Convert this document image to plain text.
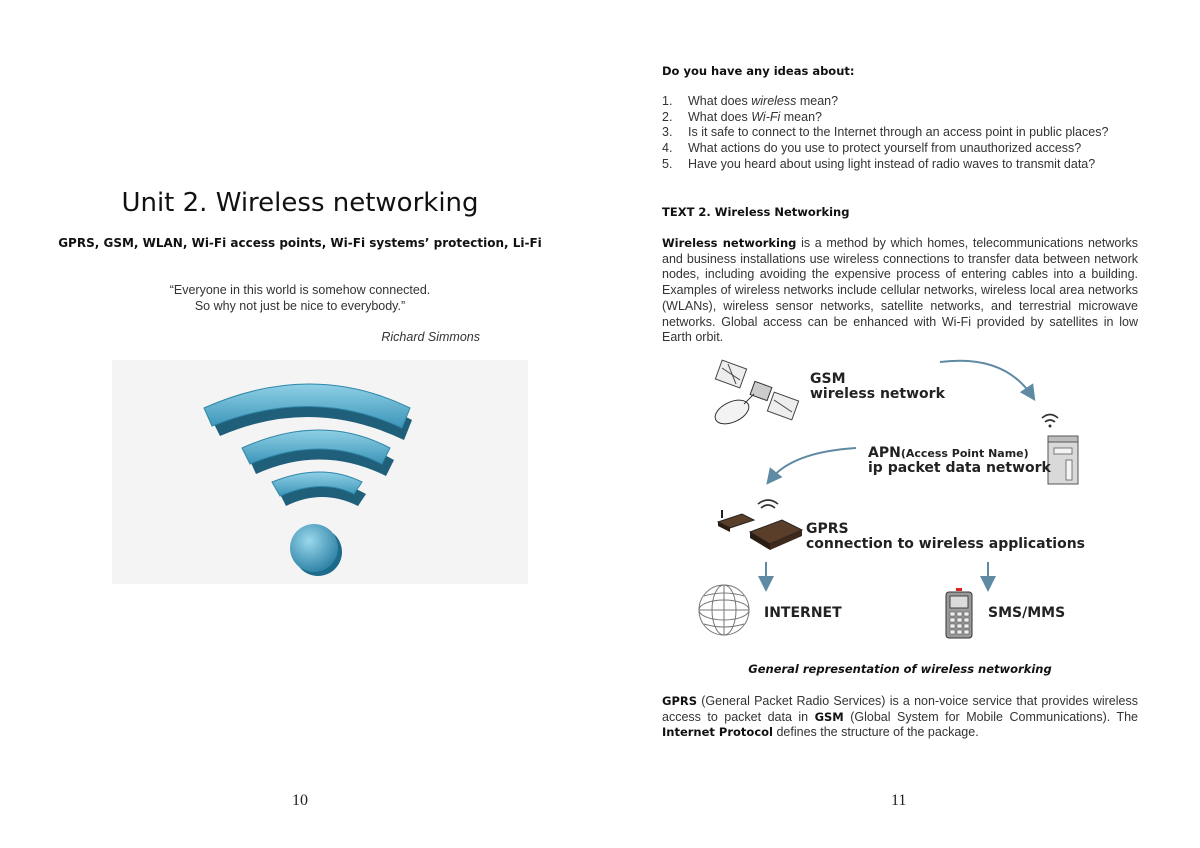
Unit 2. Wireless networking
GPRS, GSM, WLAN, Wi-Fi access points, Wi-Fi systems’ protection, Li-Fi
“Everyone in this world is somehow connected.
So why not just be nice to everybody.”
Richard Simmons
10
Do you have any ideas about:
1.	What does wireless mean?
2.	What does Wi-Fi mean?
3.	Is it safe to connect to the Internet through an access point in public places?
4.	What actions do you use to protect yourself from unauthorized access?
5.	Have you heard about using light instead of radio waves to transmit data?
TEXT 2. Wireless Networking
Wireless networking is a method by which homes, telecommunications networks and business installations use wireless connections to transfer data between network nodes, including avoiding the expensive process of entering cables into a building. Examples of wireless networks include cellular networks, wireless local area networks (WLANs), wireless sensor networks, satellite networks, and terrestrial microwave networks. Global access can be enhanced with Wi-Fi provided by satellites in low Earth orbit.
GSM
wireless network
APN(Access Point Name)
ip packet data network
GPRS
connection to wireless applications
INTERNET	SMS/MMS
General representation of wireless networking
GPRS (General Packet Radio Services) is a non-voice service that provides wireless access to packet data in GSM (Global System for Mobile Communications). The Internet Protocol defines the structure of the package.
11
